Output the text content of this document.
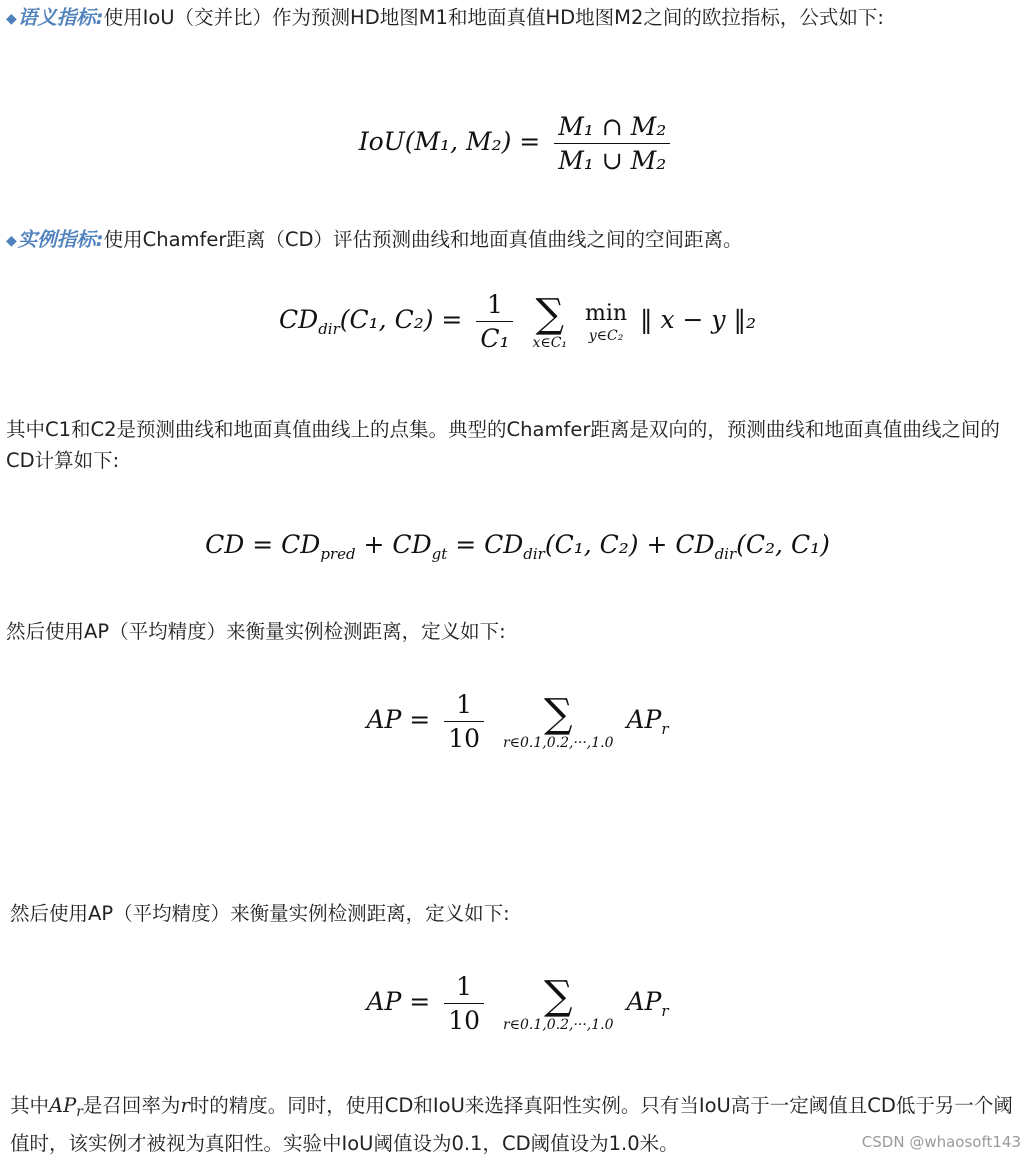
◆语义指标:使用IoU（交并比）作为预测HD地图M1和地面真值HD地图M2之间的欧拉指标，公式如下:

IoU(M₁, $M_2) = \frac{\text{M₁ ∩ M₂}}{\text{M₁ ∪ M₂}}$

◆实例指标:使用Chamfer距离（CD）评估预测曲线和地面真值曲线之间的空间距离。

$CD_{dir}(C_1$, $C_2) = \frac{1}{\text{C₁}}$
∑
x∈C₁

min
y∈C₂
‖ x − y ‖₂

其中C1和C2是预测曲线和地面真值曲线上的点集。典型的Chamfer距离是双向的，预测曲线和地面真值曲线之间的CD计算如下:

CD = $CD_{pred} + CD_{gt} = CD_{dir}(C_1$, $C_2) + CD_{dir}(C_2$, C₁)

然后使用AP（平均精度）来衡量实例检测距离，定义如下:

AP = $\frac{1}{10}$
	∑
r∈0.1,0.2,···,1.0
$AP_r$

然后使用AP（平均精度）来衡量实例检测距离，定义如下:

AP = $\frac{1}{10}$
	∑
r∈0.1,0.2,···,1.0
$AP_r$

其中$AP_r$是召回率为r时的精度。同时，使用CD和IoU来选择真阳性实例。只有当IoU高于一定阈值且CD低于另一个阈值时，该实例才被视为真阳性。实验中IoU阈值设为0.1，CD阈值设为1.0米。	CSDN @whaosoft143
